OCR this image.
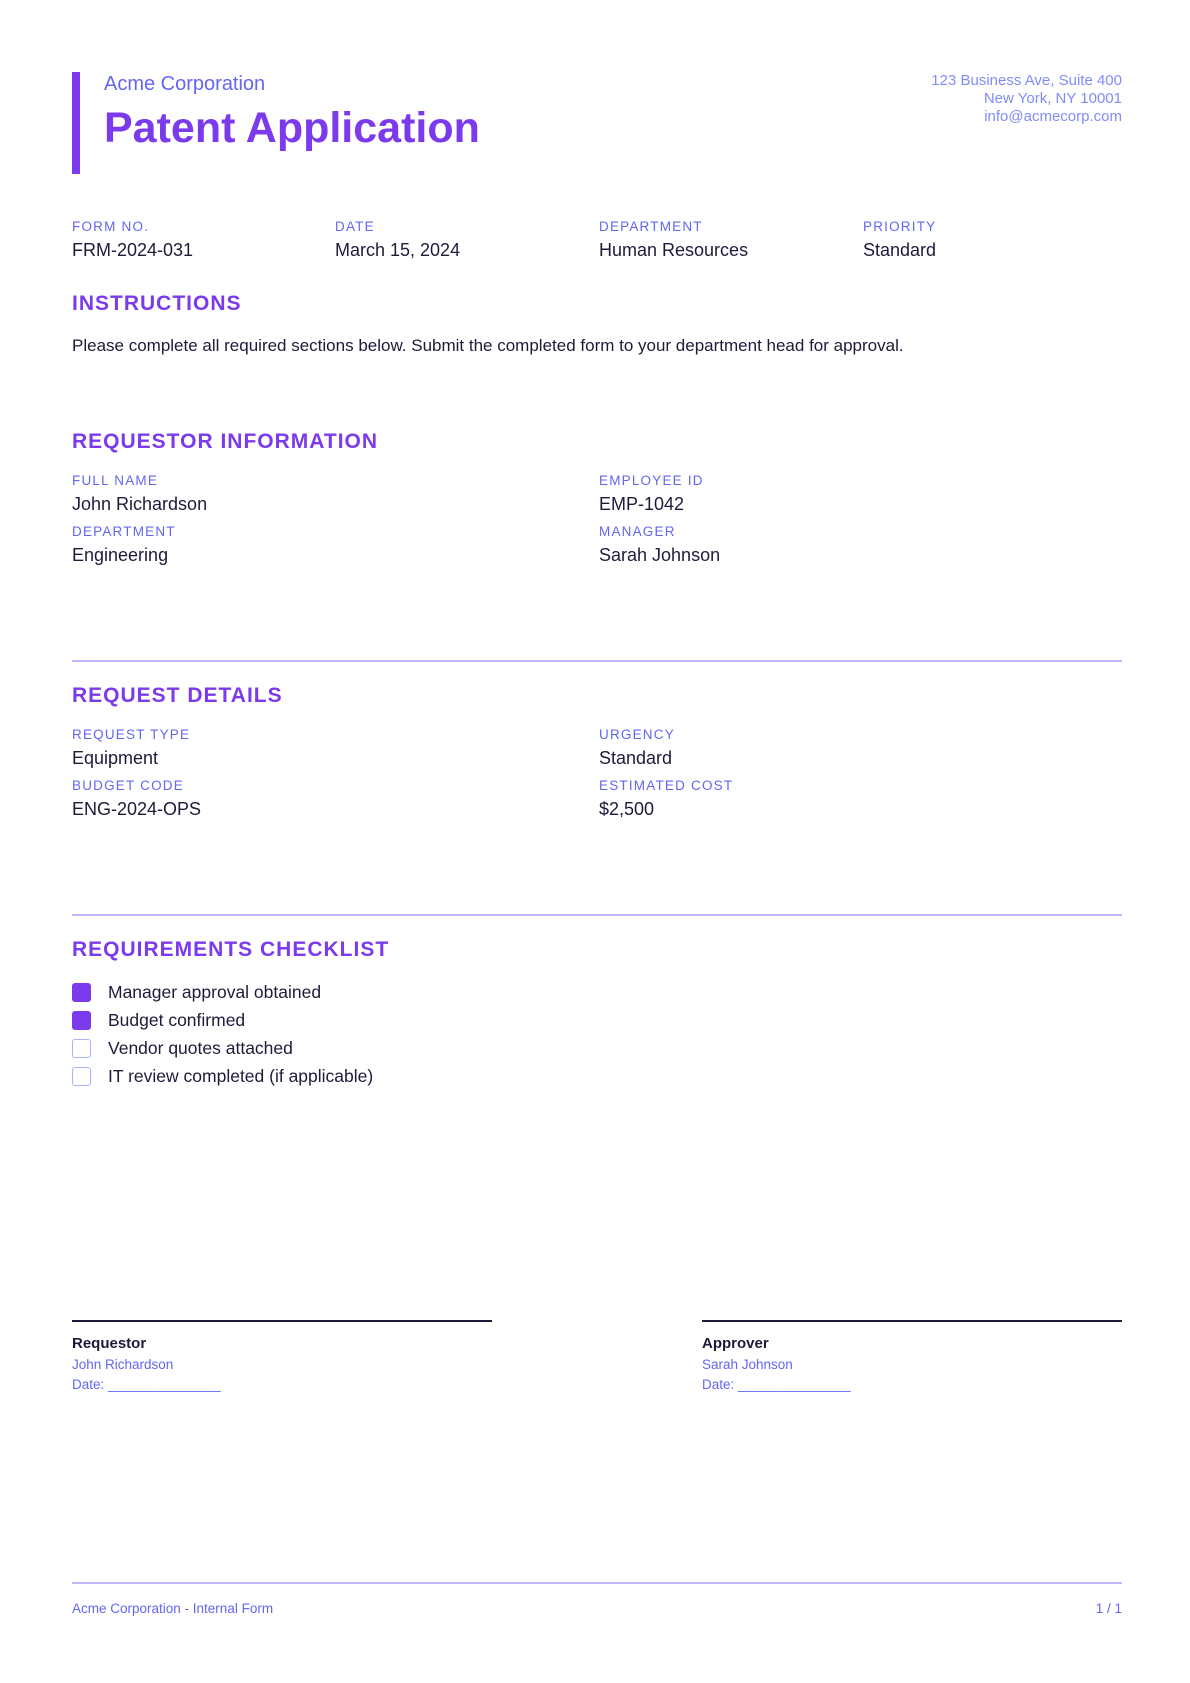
Acme Corporation
Patent Application
123 Business Ave, Suite 400
New York, NY 10001
info@acmecorp.com
FORM NO.
FRM-2024-031
DATE
March 15, 2024
DEPARTMENT
Human Resources
PRIORITY
Standard
INSTRUCTIONS
Please complete all required sections below. Submit the completed form to your department head for approval.
REQUESTOR INFORMATION
FULL NAME
John Richardson
EMPLOYEE ID
EMP-1042
DEPARTMENT
Engineering
MANAGER
Sarah Johnson
REQUEST DETAILS
REQUEST TYPE
Equipment
URGENCY
Standard
BUDGET CODE
ENG-2024-OPS
ESTIMATED COST
$2,500
REQUIREMENTS CHECKLIST
Manager approval obtained
Budget confirmed
Vendor quotes attached
IT review completed (if applicable)
Requestor
John Richardson
Date: _______________
Approver
Sarah Johnson
Date: _______________
Acme Corporation - Internal Form	1 / 1
